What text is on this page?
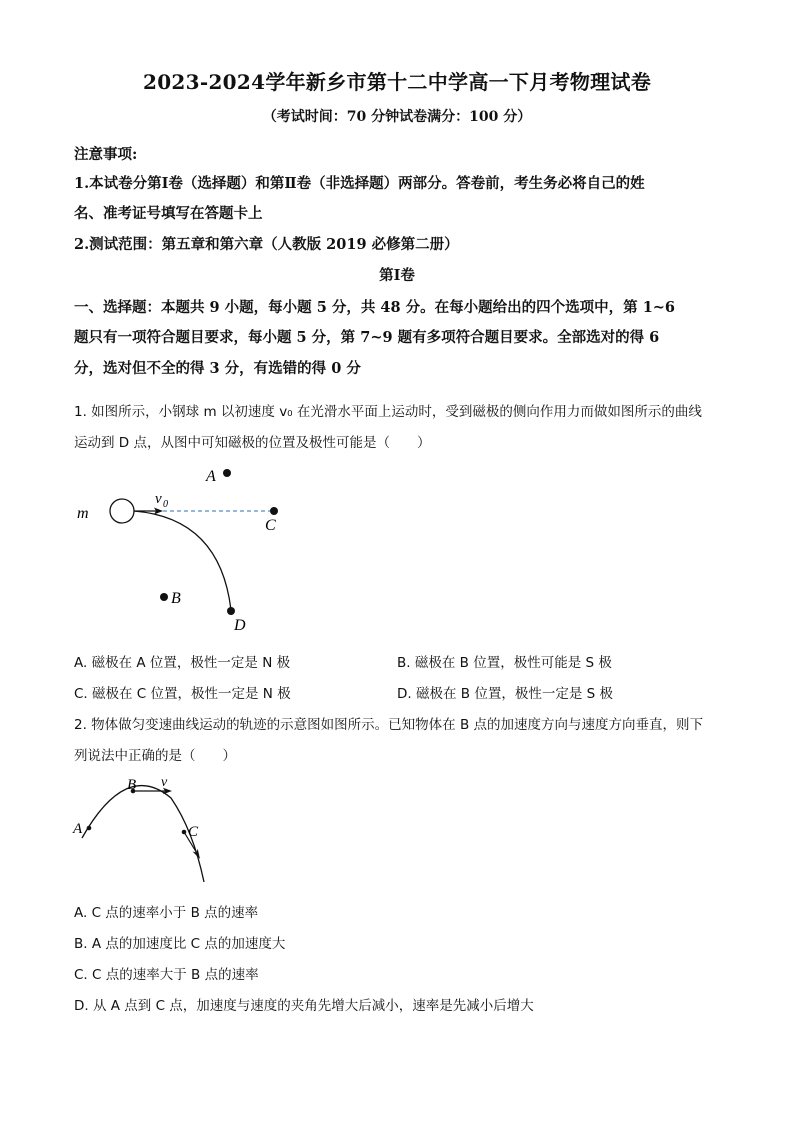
2023-2024学年新乡市第十二中学高一下月考物理试卷
（考试时间：70 分钟试卷满分：100 分）
注意事项:
1.本试卷分第Ⅰ卷（选择题）和第Ⅱ卷（非选择题）两部分。答卷前，考生务必将自己的姓
名、准考证号填写在答题卡上
2.测试范围：第五章和第六章（人教版 2019 必修第二册）
第Ⅰ卷
一、选择题：本题共 9 小题，每小题 5 分，共 48 分。在每小题给出的四个选项中，第 1~6
题只有一项符合题目要求，每小题 5 分，第 7~9 题有多项符合题目要求。全部选对的得 6
分，选对但不全的得 3 分，有选错的得 0 分
1. 如图所示，小钢球 m 以初速度 v₀ 在光滑水平面上运动时，受到磁极的侧向作用力而做如图所示的曲线
运动到 D 点，从图中可知磁极的位置及极性可能是（　　）
A
C
B
D
m
v 0
A. 磁极在 A 位置，极性一定是 N 极	B. 磁极在 B 位置，极性可能是 S 极
C. 磁极在 C 位置，极性一定是 N 极	D. 磁极在 B 位置，极性一定是 S 极
2. 物体做匀变速曲线运动的轨迹的示意图如图所示。已知物体在 B 点的加速度方向与速度方向垂直，则下
列说法中正确的是（　　）
A
B
C
v
A. C 点的速率小于 B 点的速率
B. A 点的加速度比 C 点的加速度大
C. C 点的速率大于 B 点的速率
D. 从 A 点到 C 点，加速度与速度的夹角先增大后减小，速率是先减小后增大
